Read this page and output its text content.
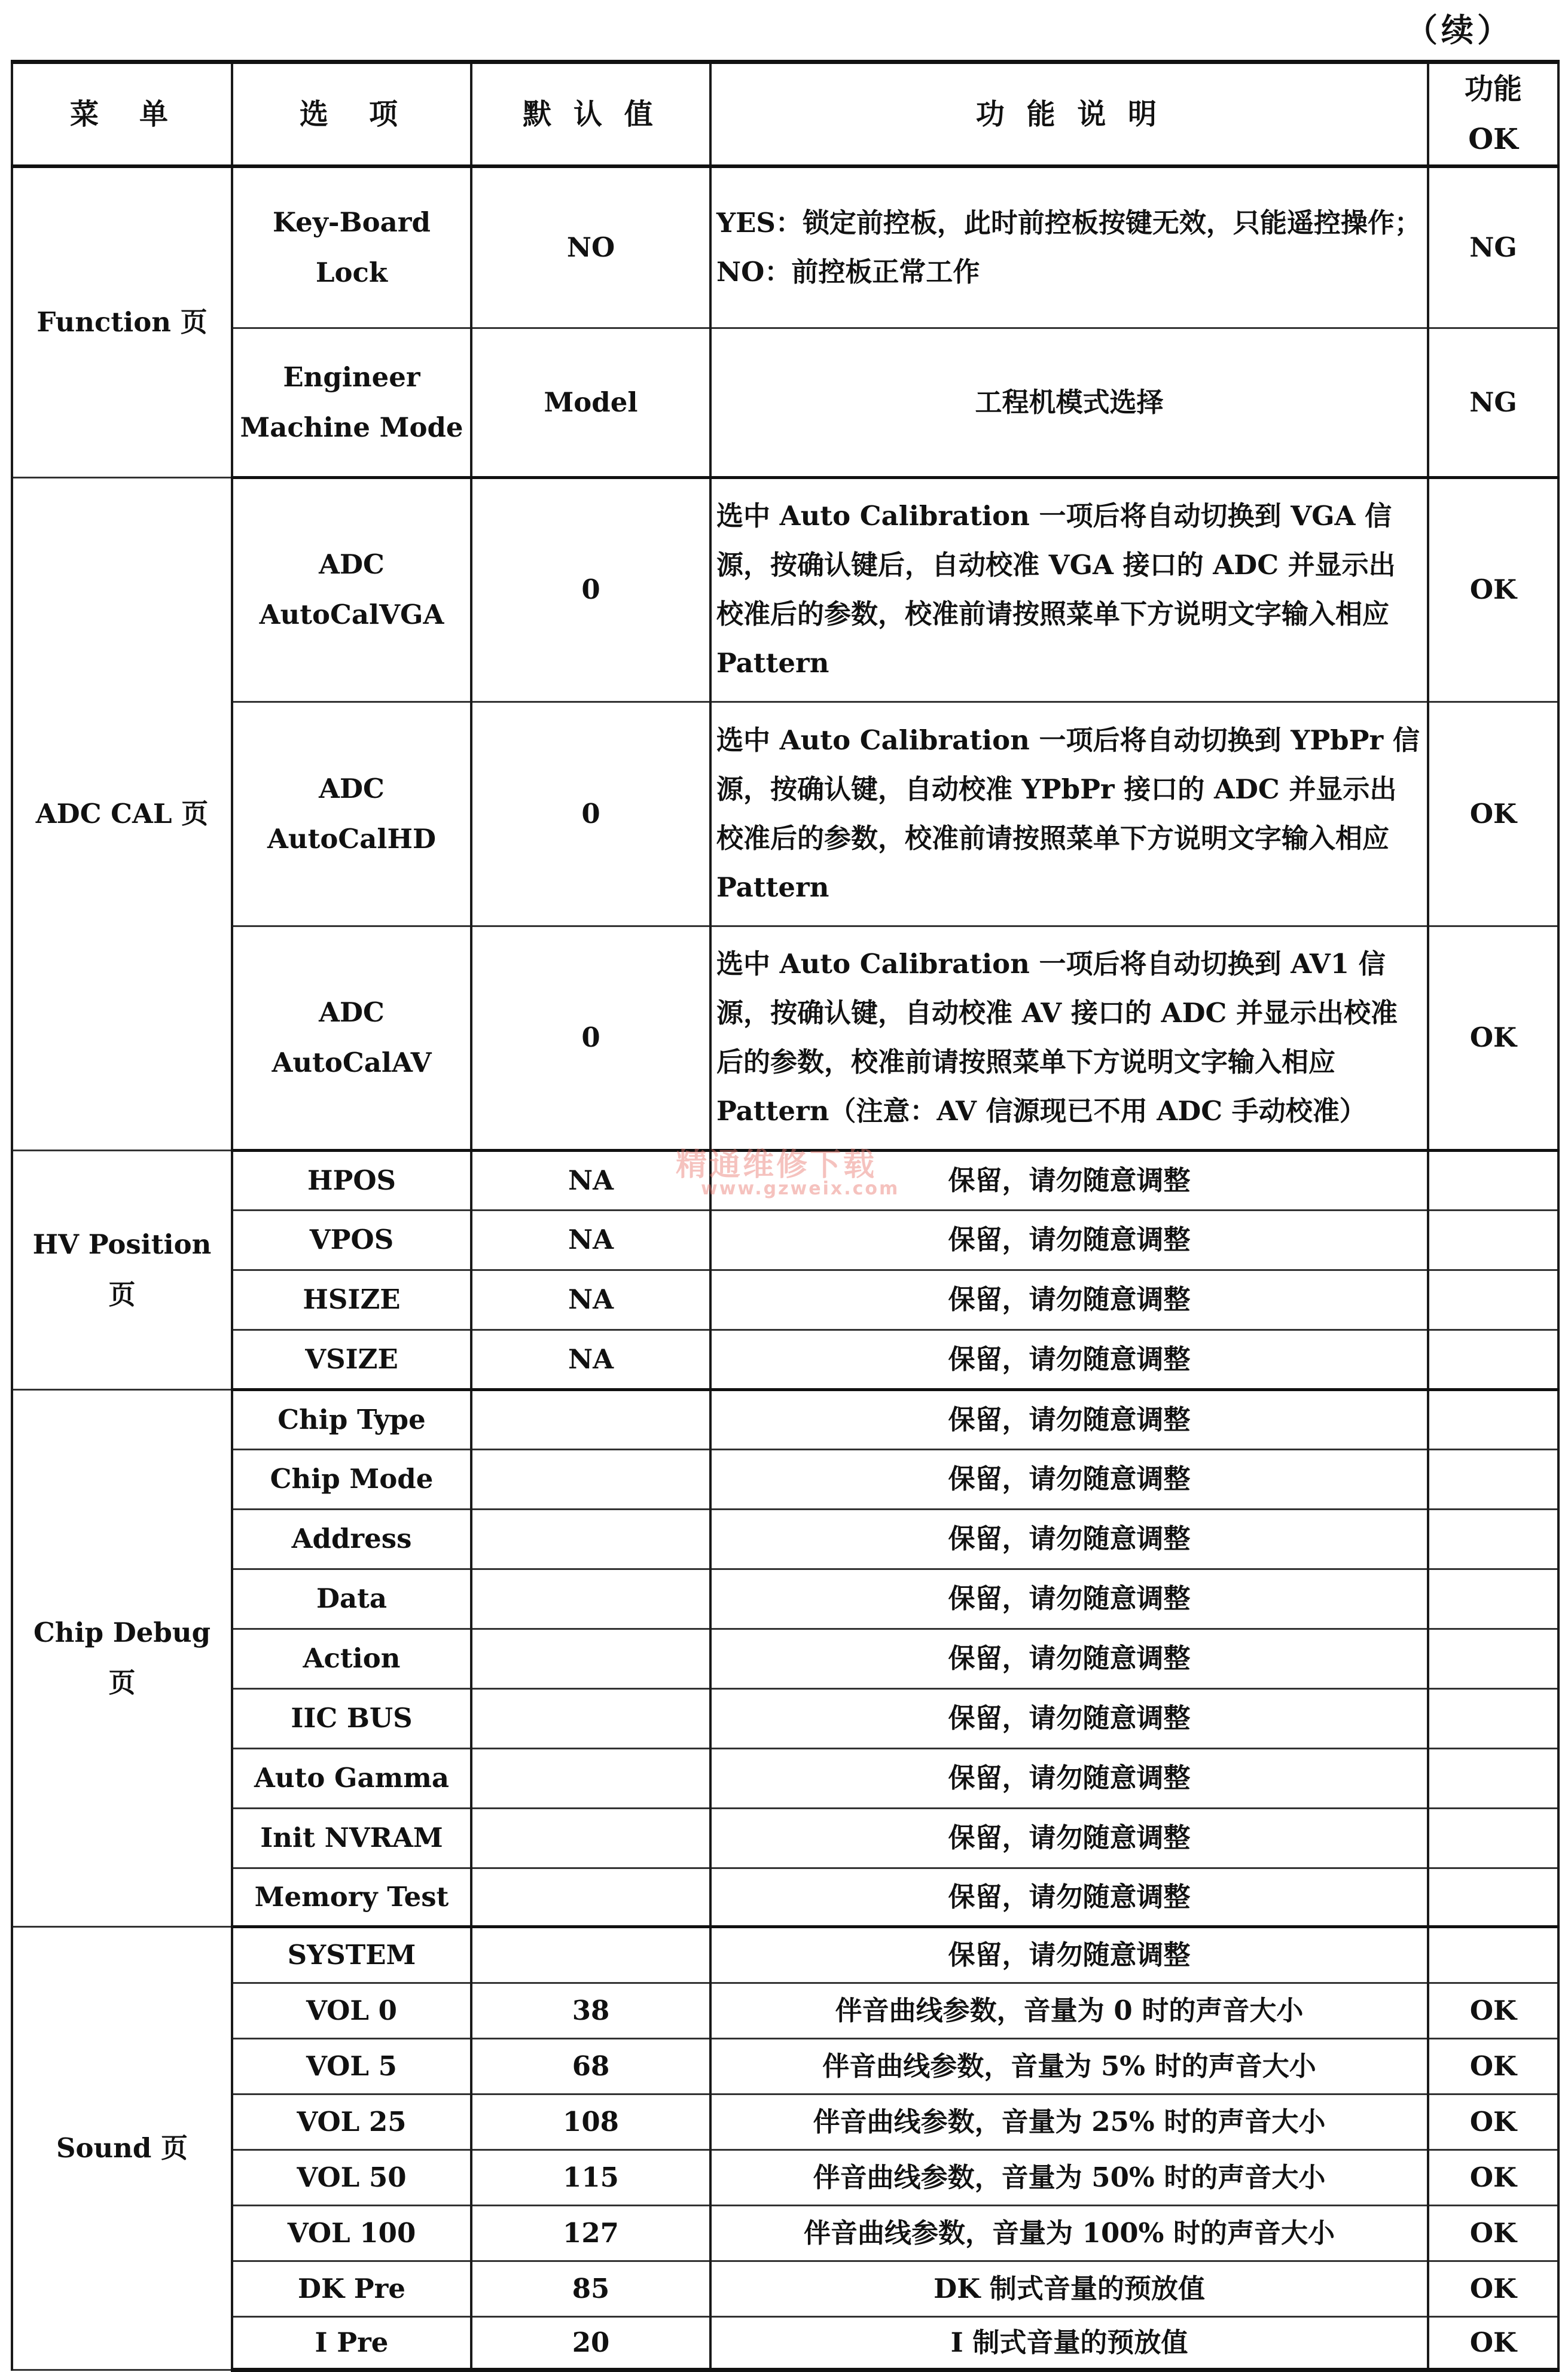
（续）
菜　单	选　项	默 认 值	功 能 说 明	功能 OK
Function 页	Key-Board Lock	NO	YES：锁定前控板，此时前控板按键无效，只能遥控操作；NO：前控板正常工作	NG
	Engineer Machine Mode	Model	工程机模式选择	NG
ADC CAL 页	ADC AutoCalVGA	0	选中 Auto Calibration 一项后将自动切换到 VGA 信源，按确认键后，自动校准 VGA 接口的 ADC 并显示出校准后的参数，校准前请按照菜单下方说明文字输入相应 Pattern	OK
	ADC AutoCalHD	0	选中 Auto Calibration 一项后将自动切换到 YPbPr 信源，按确认键，自动校准 YPbPr 接口的 ADC 并显示出校准后的参数，校准前请按照菜单下方说明文字输入相应 Pattern	OK
	ADC AutoCalAV	0	选中 Auto Calibration 一项后将自动切换到 AV1 信源，按确认键，自动校准 AV 接口的 ADC 并显示出校准后的参数，校准前请按照菜单下方说明文字输入相应 Pattern（注意：AV 信源现已不用 ADC 手动校准）	OK
HV Position 页	HPOS	NA	保留，请勿随意调整	
	VPOS	NA	保留，请勿随意调整	
	HSIZE	NA	保留，请勿随意调整	
	VSIZE	NA	保留，请勿随意调整	
Chip Debug 页	Chip Type		保留，请勿随意调整	
	Chip Mode		保留，请勿随意调整	
	Address		保留，请勿随意调整	
	Data		保留，请勿随意调整	
	Action		保留，请勿随意调整	
	IIC BUS		保留，请勿随意调整	
	Auto Gamma		保留，请勿随意调整	
	Init NVRAM		保留，请勿随意调整	
	Memory Test		保留，请勿随意调整	
Sound 页	SYSTEM		保留，请勿随意调整	
	VOL 0	38	伴音曲线参数，音量为 0 时的声音大小	OK
	VOL 5	68	伴音曲线参数，音量为 5% 时的声音大小	OK
	VOL 25	108	伴音曲线参数，音量为 25% 时的声音大小	OK
	VOL 50	115	伴音曲线参数，音量为 50% 时的声音大小	OK
	VOL 100	127	伴音曲线参数，音量为 100% 时的声音大小	OK
	DK Pre	85	DK 制式音量的预放值	OK
	I Pre	20	I 制式音量的预放值	OK
精通维修下载
www.gzweix.com
